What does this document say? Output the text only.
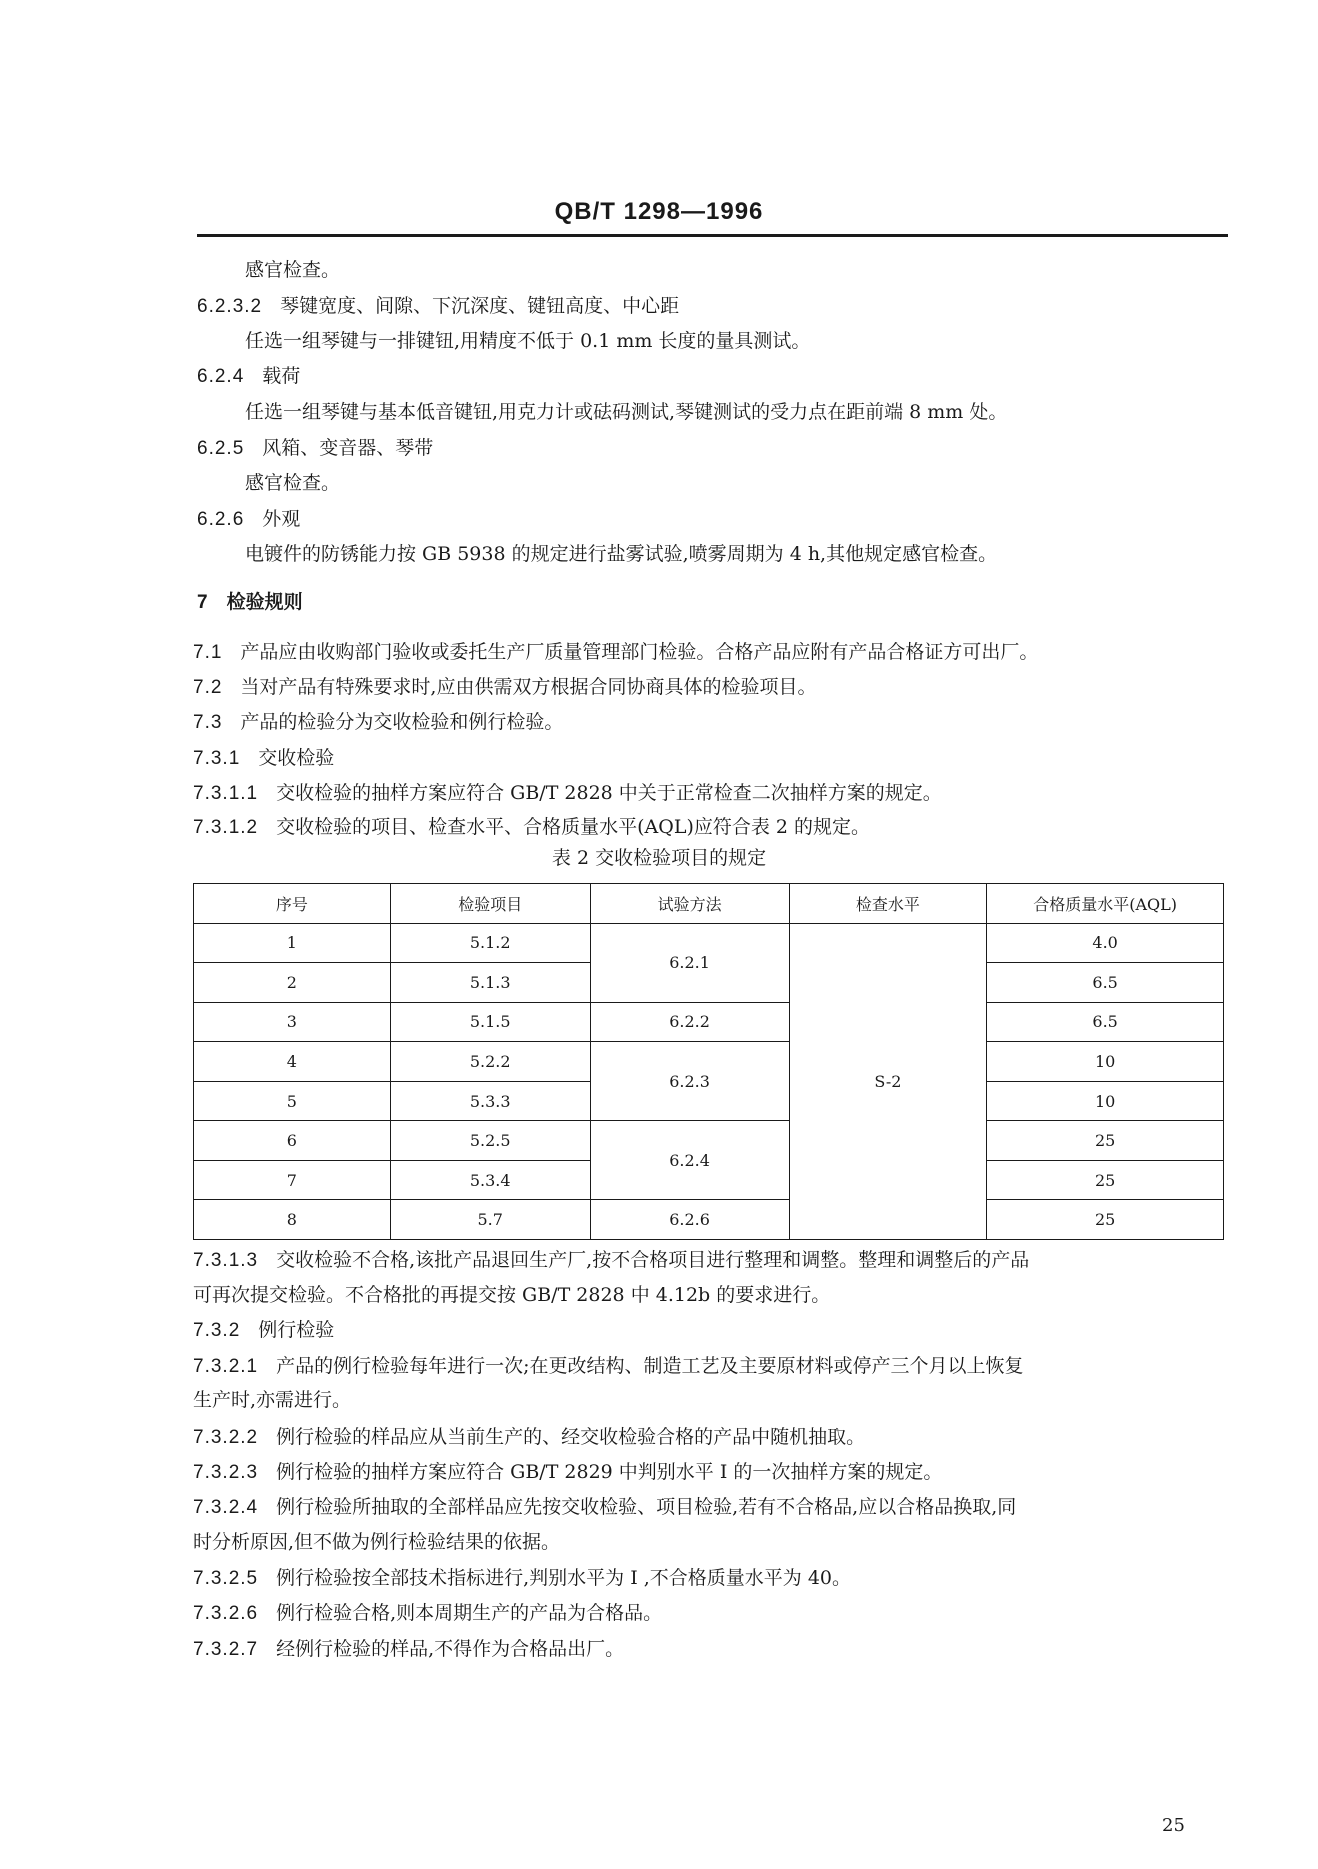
QB/T 1298—1996
感官检查。
6.2.3.2 琴键宽度、间隙、下沉深度、键钮高度、中心距
任选一组琴键与一排键钮,用精度不低于 0.1 mm 长度的量具测试。
6.2.4 载荷
任选一组琴键与基本低音键钮,用克力计或砝码测试,琴键测试的受力点在距前端 8 mm 处。
6.2.5 风箱、变音器、琴带
感官检查。
6.2.6 外观
电镀件的防锈能力按 GB 5938 的规定进行盐雾试验,喷雾周期为 4 h,其他规定感官检查。
7 检验规则
7.1 产品应由收购部门验收或委托生产厂质量管理部门检验。合格产品应附有产品合格证方可出厂。
7.2 当对产品有特殊要求时,应由供需双方根据合同协商具体的检验项目。
7.3 产品的检验分为交收检验和例行检验。
7.3.1 交收检验
7.3.1.1 交收检验的抽样方案应符合 GB/T 2828 中关于正常检查二次抽样方案的规定。
7.3.1.2 交收检验的项目、检查水平、合格质量水平(AQL)应符合表 2 的规定。
表 2 交收检验项目的规定
序号	检验项目	试验方法	检查水平	合格质量水平(AQL)
1	5.1.2	6.2.1	S-2	4.0
2	5.1.3			6.5
3	5.1.5	6.2.2		6.5
4	5.2.2	6.2.3		10
5	5.3.3			10
6	5.2.5	6.2.4		25
7	5.3.4			25
8	5.7	6.2.6		25
7.3.1.3 交收检验不合格,该批产品退回生产厂,按不合格项目进行整理和调整。整理和调整后的产品
可再次提交检验。不合格批的再提交按 GB/T 2828 中 4.12b 的要求进行。
7.3.2 例行检验
7.3.2.1 产品的例行检验每年进行一次;在更改结构、制造工艺及主要原材料或停产三个月以上恢复
生产时,亦需进行。
7.3.2.2 例行检验的样品应从当前生产的、经交收检验合格的产品中随机抽取。
7.3.2.3 例行检验的抽样方案应符合 GB/T 2829 中判别水平 I 的一次抽样方案的规定。
7.3.2.4 例行检验所抽取的全部样品应先按交收检验、项目检验,若有不合格品,应以合格品换取,同
时分析原因,但不做为例行检验结果的依据。
7.3.2.5 例行检验按全部技术指标进行,判别水平为 I ,不合格质量水平为 40。
7.3.2.6 例行检验合格,则本周期生产的产品为合格品。
7.3.2.7 经例行检验的样品,不得作为合格品出厂。
25
